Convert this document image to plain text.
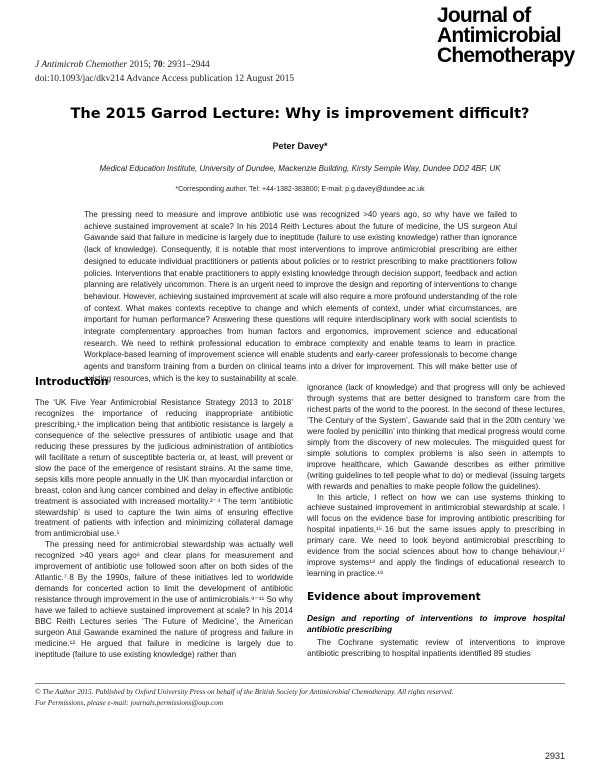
J Antimicrob Chemother 2015; 70: 2931–2944
doi:10.1093/jac/dkv214 Advance Access publication 12 August 2015
Journal of
Antimicrobial
Chemotherapy
The 2015 Garrod Lecture: Why is improvement difficult?
Peter Davey*
Medical Education Institute, University of Dundee, Mackenzie Building, Kirsty Semple Way, Dundee DD2 4BF, UK
*Corresponding author. Tel: +44-1382-383800; E-mail: p.g.davey@dundee.ac.uk
The pressing need to measure and improve antibiotic use was recognized >40 years ago, so why have we failed to achieve sustained improvement at scale? In his 2014 Reith Lectures about the future of medicine, the US surgeon Atul Gawande said that failure in medicine is largely due to ineptitude (failure to use existing knowledge) rather than ignorance (lack of knowledge). Consequently, it is notable that most interventions to improve antimicrobial prescribing are either designed to educate individual practitioners or patients about policies or to restrict prescribing to make practitioners follow policies. Interventions that enable practitioners to apply existing knowledge through decision support, feedback and action planning are relatively uncommon. There is an urgent need to improve the design and reporting of interventions to change behaviour. However, achieving sustained improvement at scale will also require a more profound understanding of the role of context. What makes contexts receptive to change and which elements of context, under what circumstances, are important for human performance? Answering these questions will require interdisciplinary work with social scientists to integrate complementary approaches from human factors and ergonomics, improvement science and educational research. We need to rethink professional education to embrace complexity and enable teams to learn in practice. Workplace-based learning of improvement science will enable students and early-career professionals to become change agents and transform training from a burden on clinical teams into a driver for improvement. This will make better use of existing resources, which is the key to sustainability at scale.
Introduction

The ‘UK Five Year Antimicrobial Resistance Strategy 2013 to 2018’ recognizes the importance of reducing inappropriate antibiotic prescribing,¹ the implication being that antibiotic resistance is largely a consequence of the selective pressures of antibiotic usage and that reducing these pressures by the judicious administration of antibiotics will facilitate a return of susceptible bacteria or, at least, will prevent or slow the pace of the emergence of resistant strains. At the same time, sepsis kills more people annually in the UK than myocardial infarction or breast, colon and lung cancer combined and delay in effective antibiotic treatment is associated with increased mortality.²⁻⁴ The term ‘antibiotic stewardship’ is used to capture the twin aims of ensuring effective treatment of patients with infection and minimizing collateral damage from antimicrobial use.⁵

The pressing need for antimicrobial stewardship was actually well recognized >40 years ago⁶ and clear plans for measurement and improvement of antibiotic use followed soon after on both sides of the Atlantic.⁷˒8 By the 1990s, failure of these initiatives led to worldwide demands for concerted action to limit the development of antibiotic resistance through improvement in the use of antimicrobials.⁹⁻¹¹ So why have we failed to achieve sustained improvement at scale? In his 2014 BBC Reith Lectures series ‘The Future of Medicine’, the American surgeon Atul Gawande examined the nature of progress and failure in medicine.¹² He argued that failure in medicine is largely due to ineptitude (failure to use existing knowledge) rather than

ignorance (lack of knowledge) and that progress will only be achieved through systems that are better designed to transform care from the richest parts of the world to the poorest. In the second of these lectures, ‘The Century of the System’, Gawande said that in the 20th century ‘we were fooled by penicillin’ into thinking that medical progress would come simply from the discovery of new molecules. The misguided quest for simple solutions to complex problems is also seen in attempts to improve healthcare, which Gawande describes as either primitive (writing guidelines to tell people what to do) or medieval (issuing targets with rewards and penalties to make people follow the guidelines).

In this article, I reflect on how we can use systems thinking to achieve sustained improvement in antimicrobial stewardship at scale. I will focus on the evidence base for improving antibiotic prescribing for hospital inpatients,¹⁵˒16 but the same issues apply to prescribing in primary care. We need to look beyond antimicrobial prescribing to evidence from the social sciences about how to change behaviour,¹⁷ improve systems¹⁸ and apply the findings of educational research to learning in practice.¹⁹

Evidence about improvement
Design and reporting of interventions to improve hospital antibiotic prescribing

The Cochrane systematic review of interventions to improve antibiotic prescribing to hospital inpatients identified 89 studies

© The Author 2015. Published by Oxford University Press on behalf of the British Society for Antimicrobial Chemotherapy. All rights reserved.
For Permissions, please e-mail: journals.permissions@oup.com
2931
